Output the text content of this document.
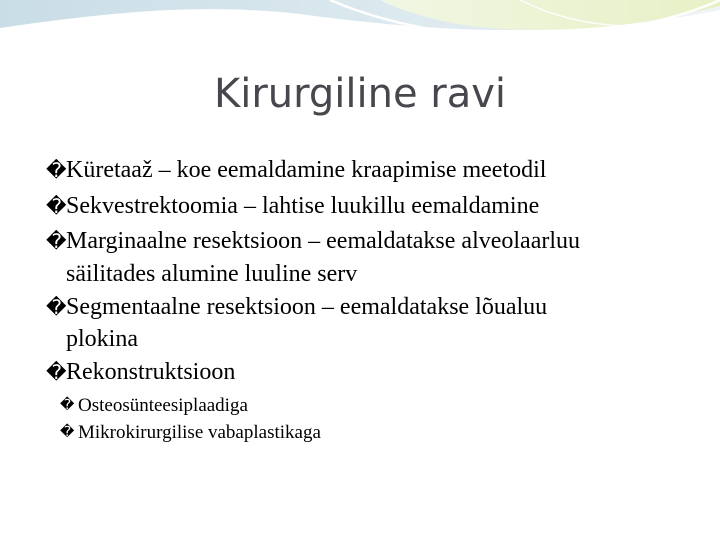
Kirurgiline ravi
� Küretaaž – koe eemaldamine kraapimise meetodil
� Sekvestrektoomia – lahtise luukillu eemaldamine
� Marginaalne resektsioon – eemaldatakse alveolaarluu
säilitades alumine luuline serv
� Segmentaalne resektsioon – eemaldatakse lõualuu
plokina
� Rekonstruktsioon
� Osteosünteesiplaadiga
� Mikrokirurgilise vabaplastikaga
